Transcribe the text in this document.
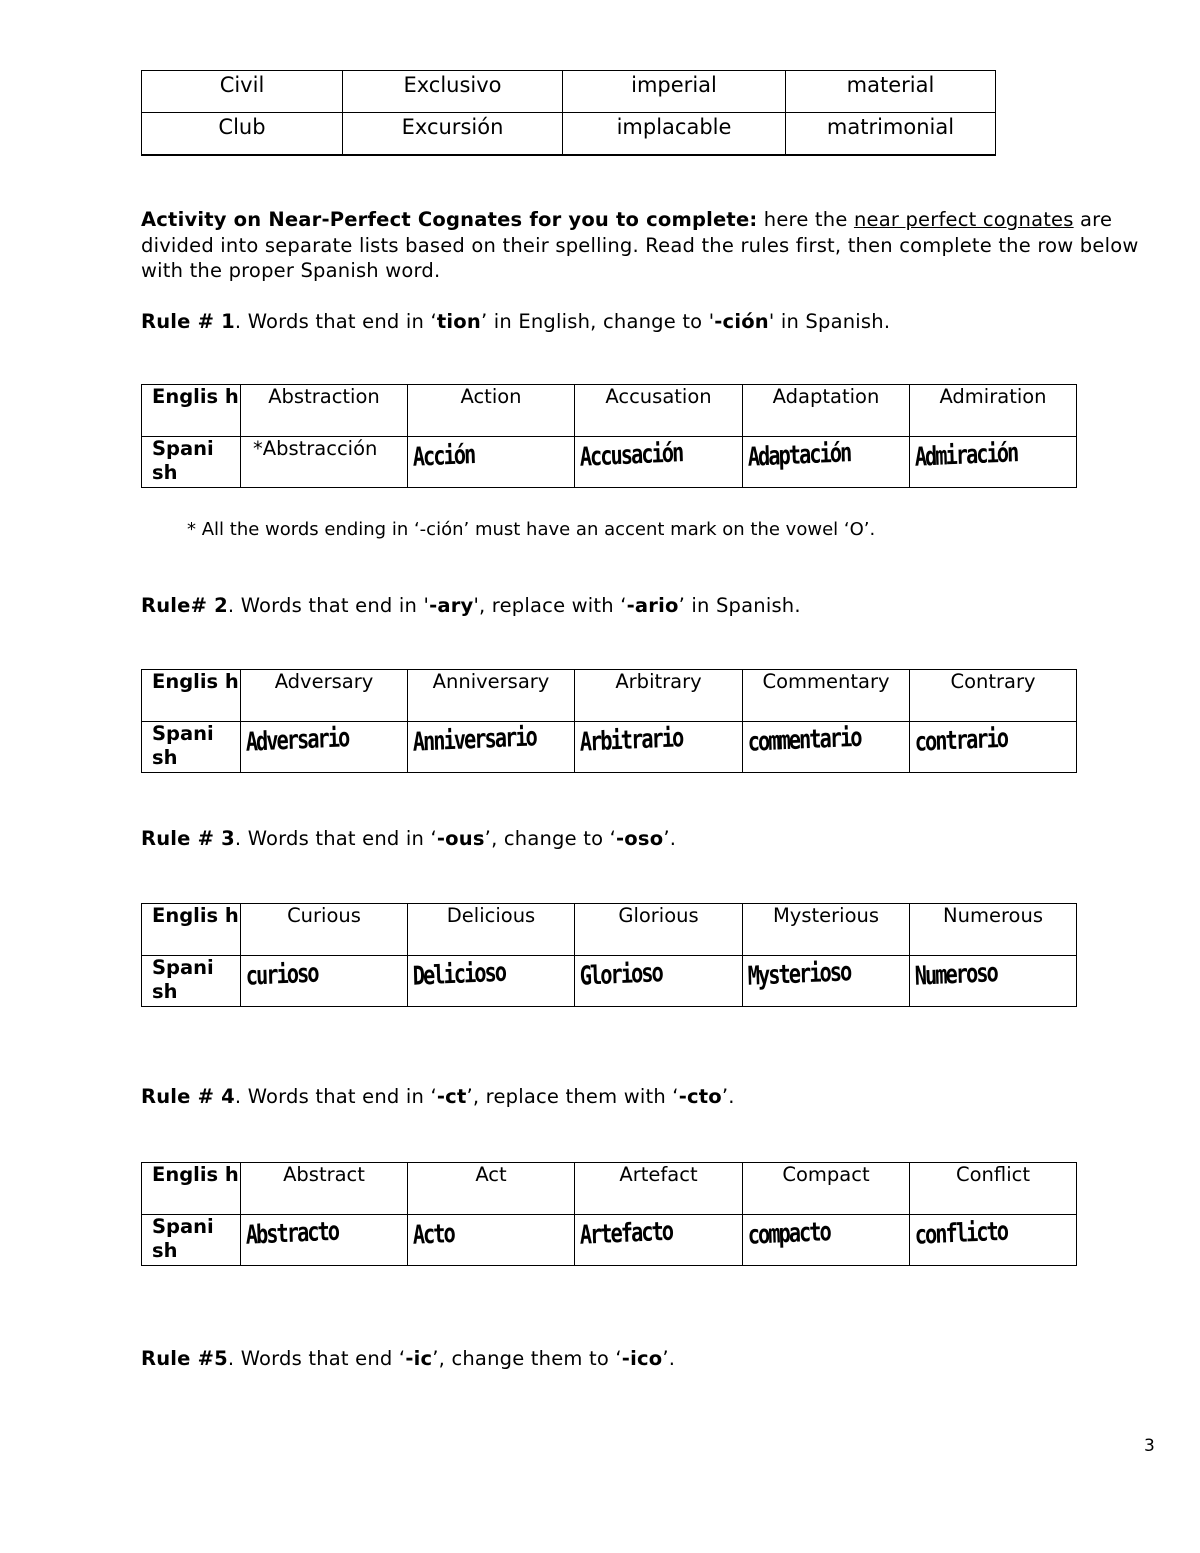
Civil	Exclusivo	imperial	material
Club	Excursión	implacable	matrimonial
Activity on Near-Perfect Cognates for you to complete: here the near perfect cognates are divided into separate lists based on their spelling. Read the rules first, then complete the row below with the proper Spanish word.
Rule # 1. Words that end in ‘tion’ in English, change to '-ción' in Spanish.
Englis h	Abstraction	Action	Accusation	Adaptation	Admiration
Spani sh	*Abstracción	Acción	Accusación	Adaptación	Admiración
* All the words ending in ‘-ción’ must have an accent mark on the vowel ‘O’.
Rule# 2. Words that end in '-ary', replace with ‘-ario’ in Spanish.
Englis h	Adversary	Anniversary	Arbitrary	Commentary	Contrary
Spani sh	Adversario	Anniversario	Arbitrario	commentario	contrario
Rule # 3. Words that end in ‘-ous’, change to ‘-oso’.
Englis h	Curious	Delicious	Glorious	Mysterious	Numerous
Spani sh	curioso	Delicioso	Glorioso	Mysterioso	Numeroso
Rule # 4. Words that end in ‘-ct’, replace them with ‘-cto’.
Englis h	Abstract	Act	Artefact	Compact	Conflict
Spani sh	Abstracto	Acto	Artefacto	compacto	conflicto
Rule #5. Words that end ‘-ic’, change them to ‘-ico’.
3
